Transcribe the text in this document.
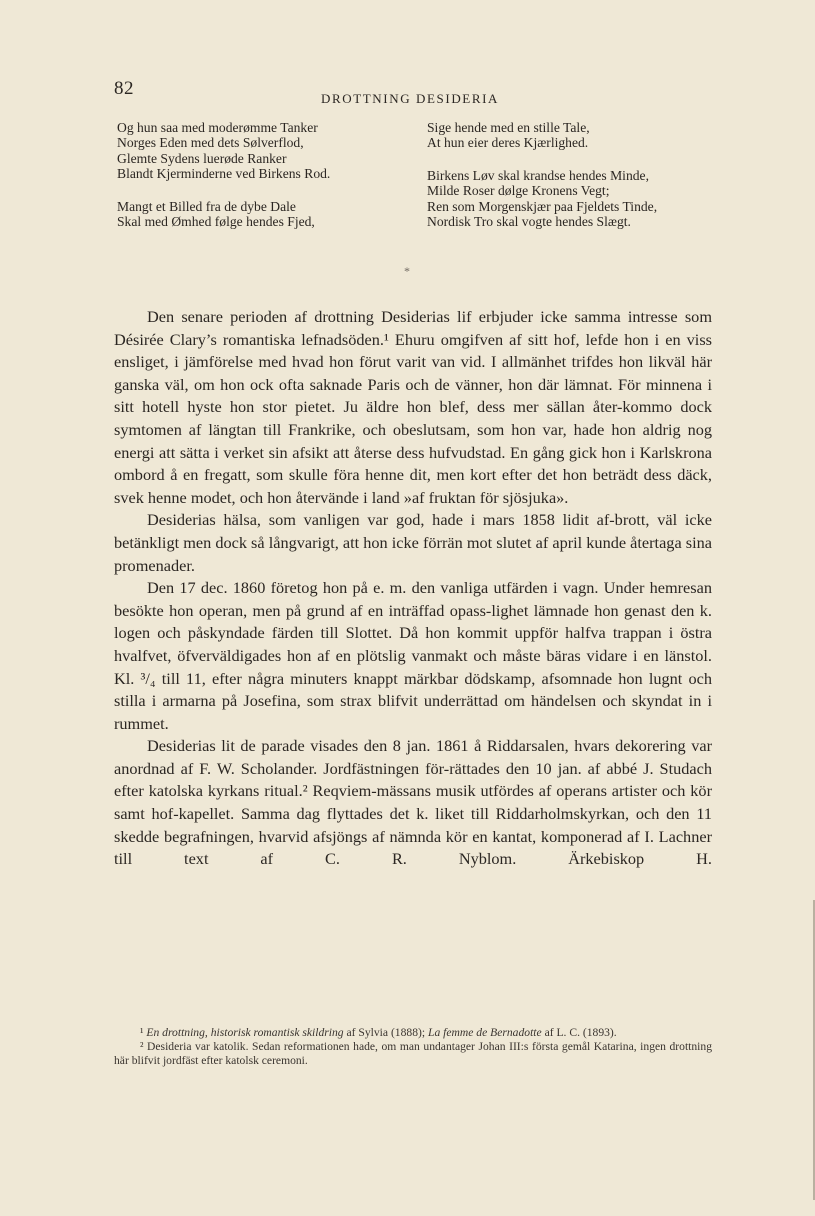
82	DROTTNING DESIDERIA
Og hun saa med moderømme Tanker
Norges Eden med dets Sølverflod,
Glemte Sydens luerøde Ranker
Blandt Kjerminderne ved Birkens Rod.
Mangt et Billed fra de dybe Dale
Skal med Ømhed følge hendes Fjed,
Sige hende med en stille Tale,
At hun eier deres Kjærlighed.
Birkens Løv skal krandse hendes Minde,
Milde Roser dølge Kronens Vegt;
Ren som Morgenskjær paa Fjeldets Tinde,
Nordisk Tro skal vogte hendes Slægt.
*

Den senare perioden af drottning Desiderias lif erbjuder icke samma intresse som Désirée Clary’s romantiska lefnadsöden.¹ Ehuru omgifven af sitt hof, lefde hon i en viss ensliget, i jämförelse med hvad hon förut varit van vid. I allmänhet trifdes hon likväl här ganska väl, om hon ock ofta saknade Paris och de vänner, hon där lämnat. För minnena i sitt hotell hyste hon stor pietet. Ju äldre hon blef, dess mer sällan åter-kommo dock symtomen af längtan till Frankrike, och obeslutsam, som hon var, hade hon aldrig nog energi att sätta i verket sin afsikt att återse dess hufvudstad. En gång gick hon i Karlskrona ombord å en fregatt, som skulle föra henne dit, men kort efter det hon beträdt dess däck, svek henne modet, och hon återvände i land »af fruktan för sjösjuka».

Desiderias hälsa, som vanligen var god, hade i mars 1858 lidit af-brott, väl icke betänkligt men dock så långvarigt, att hon icke förrän mot slutet af april kunde återtaga sina promenader.

Den 17 dec. 1860 företog hon på e. m. den vanliga utfärden i vagn. Under hemresan besökte hon operan, men på grund af en inträffad opass-lighet lämnade hon genast den k. logen och påskyndade färden till Slottet. Då hon kommit uppför halfva trappan i östra hvalfvet, öfverväldigades hon af en plötslig vanmakt och måste bäras vidare i en länstol. Kl. ³/₄ till 11, efter några minuters knappt märkbar dödskamp, afsomnade hon lugnt och stilla i armarna på Josefina, som strax blifvit underrättad om händelsen och skyndat in i rummet.

Desiderias lit de parade visades den 8 jan. 1861 å Riddarsalen, hvars dekorering var anordnad af F. W. Scholander. Jordfästningen för-rättades den 10 jan. af abbé J. Studach efter katolska kyrkans ritual.² Reqviem-mässans musik utfördes af operans artister och kör samt hof-kapellet. Samma dag flyttades det k. liket till Riddarholmskyrkan, och den 11 skedde begrafningen, hvarvid afsjöngs af nämnda kör en kantat, komponerad af I. Lachner till text af C. R. Nyblom. Ärkebiskop H.

¹ En drottning, historisk romantisk skildring af Sylvia (1888); La femme de Bernadotte af L. C. (1893).

² Desideria var katolik. Sedan reformationen hade, om man undantager Johan III:s första gemål Katarina, ingen drottning här blifvit jordfäst efter katolsk ceremoni.
